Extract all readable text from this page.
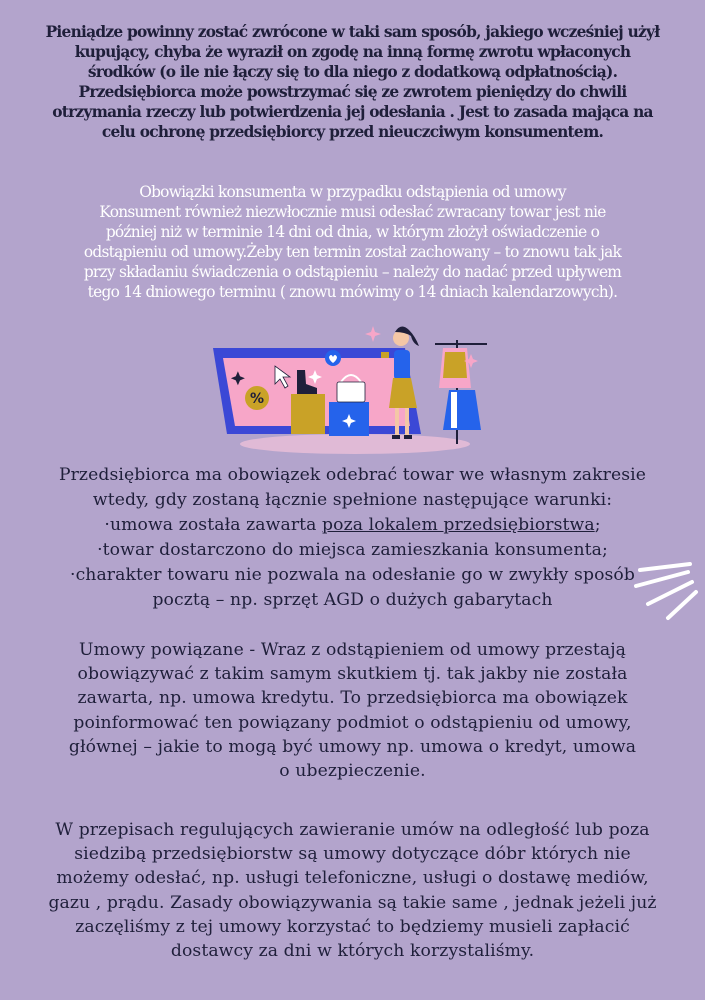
Pieniądze powinny zostać zwrócone w taki sam sposób, jakiego wcześniej użył
kupujący, chyba że wyraził on zgodę na inną formę zwrotu wpłaconych
środków (o ile nie łączy się to dla niego z dodatkową odpłatnością).
Przedsiębiorca może powstrzymać się ze zwrotem pieniędzy do chwili
otrzymania rzeczy lub potwierdzenia jej odesłania . Jest to zasada mająca na
celu ochronę przedsiębiorcy przed nieuczciwym konsumentem.
Obowiązki konsumenta w przypadku odstąpienia od umowy
Konsument również niezwłocznie musi odesłać zwracany towar jest nie
później niż w terminie 14 dni od dnia, w którym złożył oświadczenie o
odstąpieniu od umowy.Żeby ten termin został zachowany – to znowu tak jak
przy składaniu świadczenia o odstąpieniu – należy do nadać przed upływem
tego 14 dniowego terminu ( znowu mówimy o 14 dniach kalendarzowych).
%
Przedsiębiorca ma obowiązek odebrać towar we własnym zakresie
wtedy, gdy zostaną łącznie spełnione następujące warunki:
·umowa została zawarta poza lokalem przedsiębiorstwa;
·towar dostarczono do miejsca zamieszkania konsumenta;
·charakter towaru nie pozwala na odesłanie go w zwykły sposób
pocztą – np. sprzęt AGD o dużych gabarytach
Umowy powiązane - Wraz z odstąpieniem od umowy przestają
obowiązywać z takim samym skutkiem tj. tak jakby nie została
zawarta, np. umowa kredytu. To przedsiębiorca ma obowiązek
poinformować ten powiązany podmiot o odstąpieniu od umowy,
głównej – jakie to mogą być umowy np. umowa o kredyt, umowa
o ubezpieczenie.
W przepisach regulujących zawieranie umów na odległość lub poza
siedzibą przedsiębiorstw są umowy dotyczące dóbr których nie
możemy odesłać, np. usługi telefoniczne, usługi o dostawę mediów,
gazu , prądu. Zasady obowiązywania są takie same , jednak jeżeli już
zaczęliśmy z tej umowy korzystać to będziemy musieli zapłacić
dostawcy za dni w których korzystaliśmy.
